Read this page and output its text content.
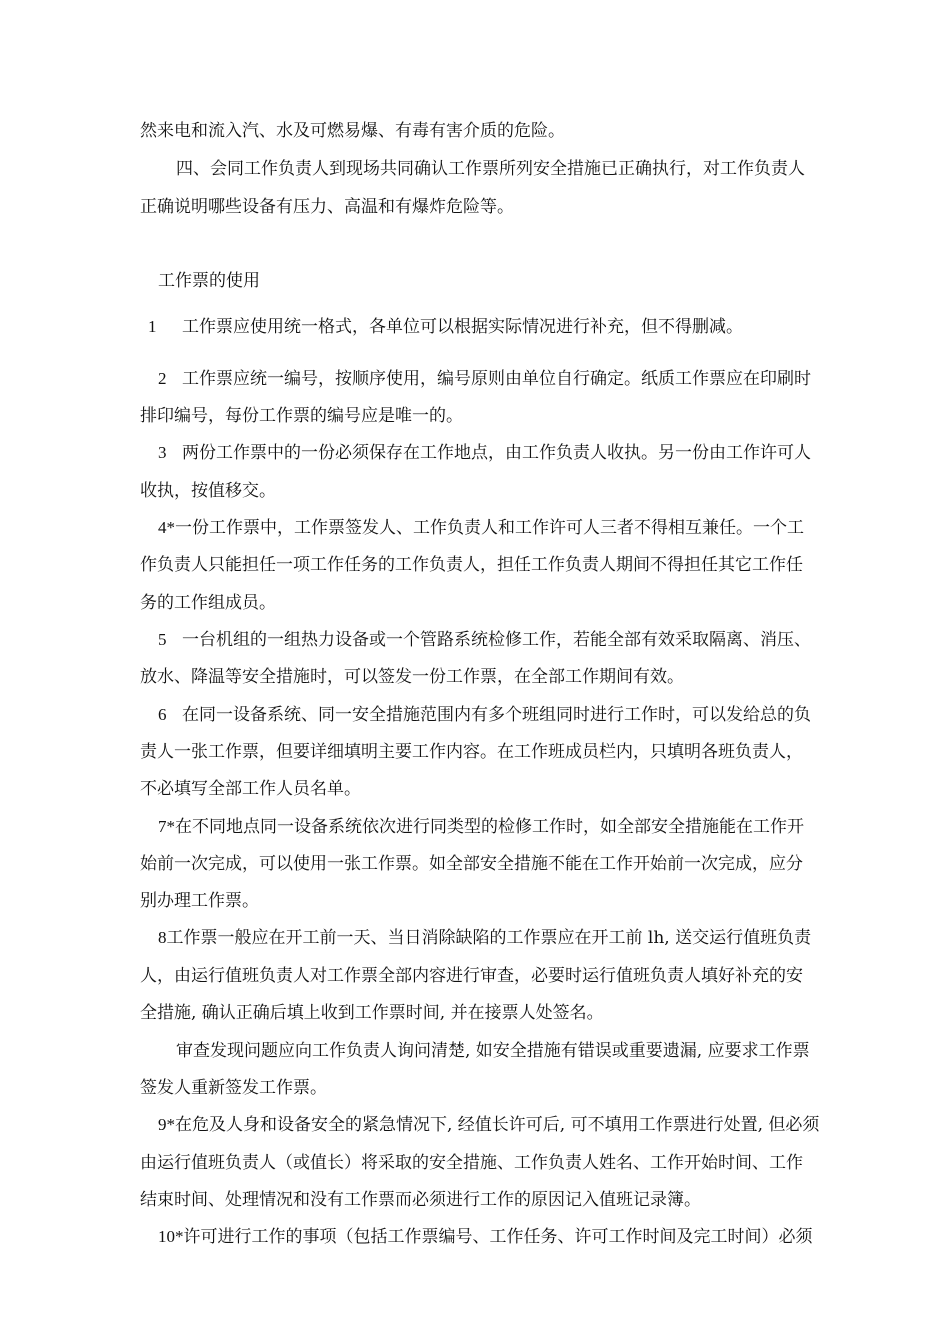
然来电和流入汽、水及可燃易爆、有毒有害介质的危险。
四、会同工作负责人到现场共同确认工作票所列安全措施已正确执行，对工作负责人
正确说明哪些设备有压力、高温和有爆炸危险等。
工作票的使用
1 工作票应使用统一格式，各单位可以根据实际情况进行补充，但不得删减。
2 工作票应统一编号，按顺序使用，编号原则由单位自行确定。纸质工作票应在印刷时
排印编号，每份工作票的编号应是唯一的。
3 两份工作票中的一份必须保存在工作地点，由工作负责人收执。另一份由工作许可人
收执，按值移交。
4*一份工作票中，工作票签发人、工作负责人和工作许可人三者不得相互兼任。一个工
作负责人只能担任一项工作任务的工作负责人，担任工作负责人期间不得担任其它工作任
务的工作组成员。
5 一台机组的一组热力设备或一个管路系统检修工作，若能全部有效采取隔离、消压、
放水、降温等安全措施时，可以签发一份工作票，在全部工作期间有效。
6 在同一设备系统、同一安全措施范围内有多个班组同时进行工作时，可以发给总的负
责人一张工作票，但要详细填明主要工作内容。在工作班成员栏内，只填明各班负责人，
不必填写全部工作人员名单。
7*在不同地点同一设备系统依次进行同类型的检修工作时，如全部安全措施能在工作开
始前一次完成，可以使用一张工作票。如全部安全措施不能在工作开始前一次完成，应分
别办理工作票。
8工作票一般应在开工前一天、当日消除缺陷的工作票应在开工前 lh, 送交运行值班负责
人，由运行值班负责人对工作票全部内容进行审查，必要时运行值班负责人填好补充的安
全措施, 确认正确后填上收到工作票时间, 并在接票人处签名。
审查发现问题应向工作负责人询问清楚, 如安全措施有错误或重要遗漏, 应要求工作票
签发人重新签发工作票。
9*在危及人身和设备安全的紧急情况下, 经值长许可后, 可不填用工作票进行处置, 但必须
由运行值班负责人（或值长）将采取的安全措施、工作负责人姓名、工作开始时间、工作
结束时间、处理情况和没有工作票而必须进行工作的原因记入值班记录簿。
10*许可进行工作的事项（包括工作票编号、工作任务、许可工作时间及完工时间）必须
